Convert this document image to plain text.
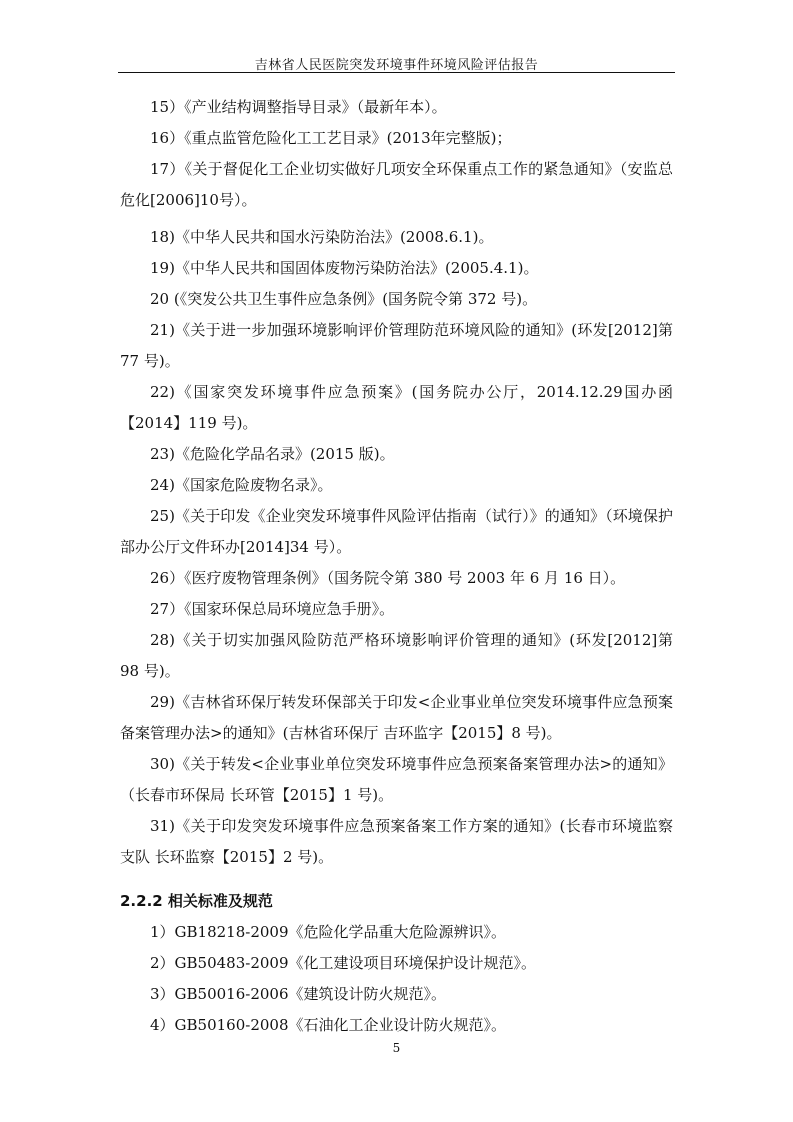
吉林省人民医院突发环境事件环境风险评估报告

15）《产业结构调整指导目录》（最新年本）。

16）《重点监管危险化工工艺目录》(2013年完整版)；

17）《关于督促化工企业切实做好几项安全环保重点工作的紧急通知》（安监总危化[2006]10号）。

18)《中华人民共和国水污染防治法》(2008.6.1)。

19)《中华人民共和国固体废物污染防治法》(2005.4.1)。

20 (《突发公共卫生事件应急条例》(国务院令第 372 号)。

21)《关于进一步加强环境影响评价管理防范环境风险的通知》(环发[2012]第 77 号)。

22)《国家突发环境事件应急预案》(国务院办公厅，2014.12.29国办函【2014】119 号)。

23)《危险化学品名录》(2015 版)。

24)《国家危险废物名录》。

25)《关于印发《企业突发环境事件风险评估指南（试行）》的通知》（环境保护部办公厅文件环办[2014]34 号）。

26）《医疗废物管理条例》（国务院令第 380 号 2003 年 6 月 16 日）。

27）《国家环保总局环境应急手册》。

28)《关于切实加强风险防范严格环境影响评价管理的通知》(环发[2012]第 98 号)。

29)《吉林省环保厅转发环保部关于印发<企业事业单位突发环境事件应急预案备案管理办法>的通知》(吉林省环保厅 吉环监字【2015】8 号)。

30)《关于转发<企业事业单位突发环境事件应急预案备案管理办法>的通知》（长春市环保局 长环管【2015】1 号)。

31)《关于印发突发环境事件应急预案备案工作方案的通知》(长春市环境监察支队 长环监察【2015】2 号)。

2.2.2 相关标准及规范

1）GB18218-2009《危险化学品重大危险源辨识》。

2）GB50483-2009《化工建设项目环境保护设计规范》。

3）GB50016-2006《建筑设计防火规范》。

4）GB50160-2008《石油化工企业设计防火规范》。

5
